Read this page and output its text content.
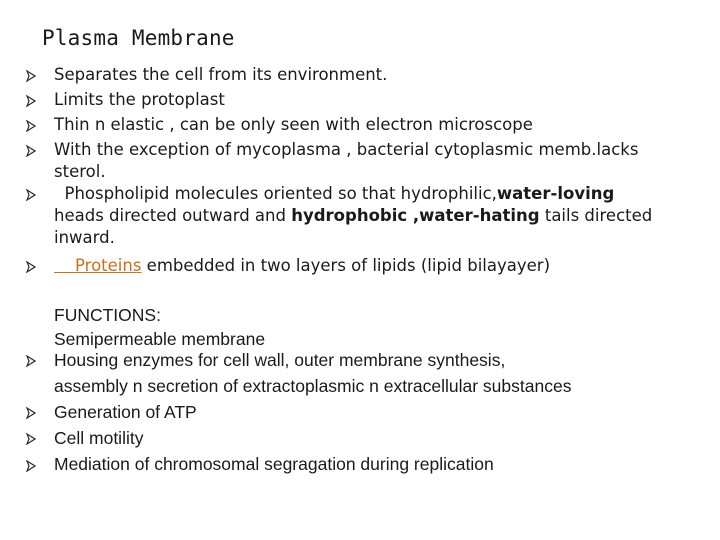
Plasma Membrane
Separates the cell from its environment.
Limits the protoplast
Thin n elastic , can be only seen with electron microscope
With the exception of mycoplasma , bacterial cytoplasmic memb.lacks
sterol.
Phospholipid molecules oriented so that hydrophilic,water-loving
heads directed outward and hydrophobic ,water-hating tails directed
inward.
Proteins embedded in two layers of lipids (lipid bilayayer)
FUNCTIONS:
Semipermeable membrane
Housing enzymes for cell wall, outer membrane synthesis,
assembly n secretion of extractoplasmic n extracellular substances
Generation of ATP
Cell motility
Mediation of chromosomal segragation during replication
